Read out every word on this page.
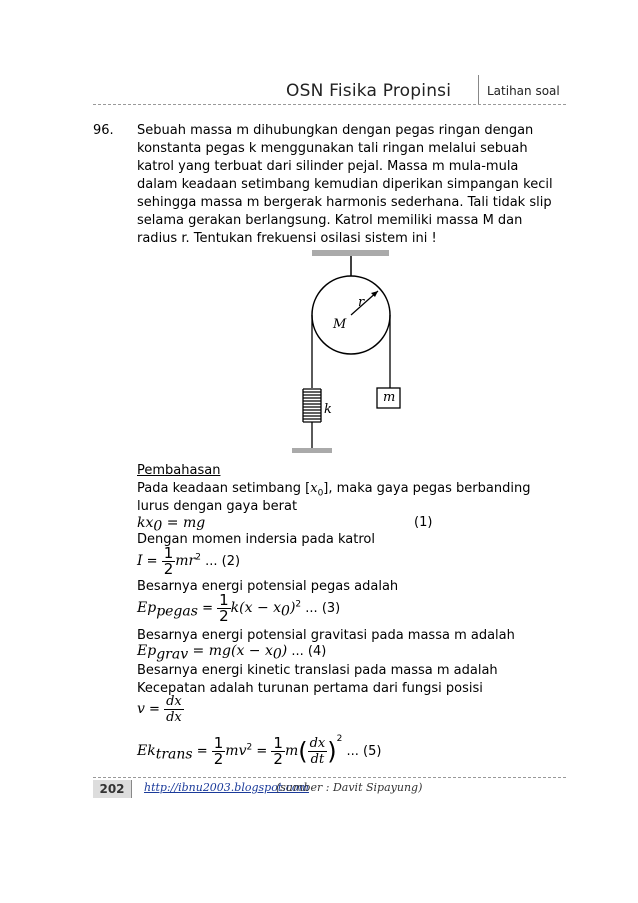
OSN Fisika Propinsi	Latihan soal
96. Sebuah massa m dihubungkan dengan pegas ringan dengan
konstanta pegas k menggunakan tali ringan melalui sebuah
katrol yang terbuat dari silinder pejal. Massa m mula-mula
dalam keadaan setimbang kemudian diperikan simpangan kecil
sehingga massa m bergerak harmonis sederhana. Tali tidak slip
selama gerakan berlangsung. Katrol memiliki massa M dan
radius r. Tentukan frekuensi osilasi sistem ini !
r
M
k
m
Pembahasan
Pada keadaan setimbang $[x_0]$, maka gaya pegas berbanding
lurus dengan gaya berat
$kx_0$ = mg	(1)
Dengan momen indersia pada katrol
$I = \frac{1}{2} mr^2$ ... (2)
Besarnya energi potensial pegas adalah
$Ep_{pegas} = \frac{1}{2} k(x - x_0)^2$ ... (3)
Besarnya energi potensial gravitasi pada massa m adalah
$Ep_{grav} = mg(x - x_0)$ ... (4)
Besarnya energi kinetic translasi pada massa m adalah
Kecepatan adalah turunan pertama dari fungsi posisi
$v = \frac{dx}{dx}$
$Ek_{trans} = \frac{1}{2} mv^2 = \frac{1}{2} m( \frac{dx}{dt} )^2$ ... (5)
202	http://ibnu2003.blogspot.com
(sumber : Davit Sipayung)
